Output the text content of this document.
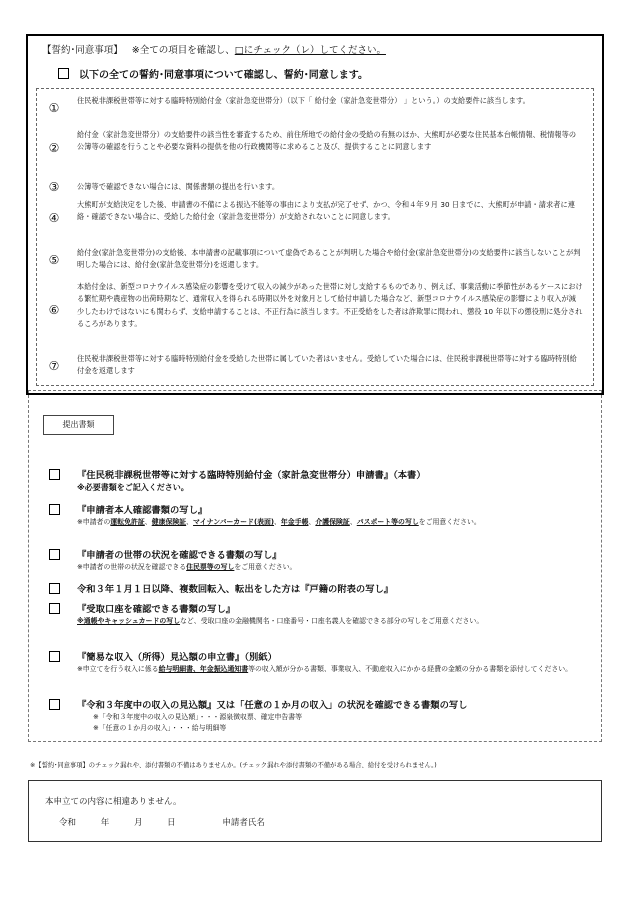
【誓約･同意事項】 ※全ての項目を確認し、□にチェック（レ）してください。
以下の全ての誓約･同意事項について確認し、誓約･同意します。
①
住民税非課税世帯等に対する臨時特別給付金（家計急変世帯分）（以下「 給付金（家計急変世帯分） 」という。）の支給要件に該当します。
②
給付金（家計急変世帯分）の支給要件の該当性を審査するため、前住所地での給付金の受給の有無のほか、大熊町が必要な住民基本台帳情報、税情報等の公簿等の確認を行うことや必要な資料の提供を他の行政機関等に求めること及び、提供することに同意します
③	公簿等で確認できない場合には、関係書類の提出を行います。
④
大熊町が支給決定をした後、申請書の不備による振込不能等の事由により支払が完了せず、かつ、令和４年９月 30 日までに、大熊町が申請・請求者に連絡・確認できない場合に、受給した給付金（家計急変世帯分）が支給されないことに同意します。
⑤
給付金(家計急変世帯分)の支給後、本申請書の記載事項について虚偽であることが判明した場合や給付金(家計急変世帯分)の支給要件に該当しないことが判明した場合には、給付金(家計急変世帯分)を返還します。
⑥
本給付金は、新型コロナウイルス感染症の影響を受けて収入の減少があった世帯に対し支給するものであり、例えば、事業活動に季節性があるケースにおける繁忙期や農産物の出荷時期など、通常収入を得られる時期以外を対象月として給付申請した場合など、新型コロナウイルス感染症の影響により収入が減少したわけではないにも関わらず、支給申請することは、不正行為に該当します。不正受給をした者は詐欺罪に問われ、懲役 10 年以下の懲役刑に処分されるころがあります。
⑦
住民税非課税世帯等に対する臨時特別給付金を受給した世帯に属していた者はいません。受給していた場合には、住民税非課税世帯等に対する臨時特別給付金を返還します
提出書類
『住民税非課税世帯等に対する臨時特別給付金（家計急変世帯分）申請書』（本書）
※必要書類をご記入ください。
『申請者本人確認書類の写し』
※申請者の運転免許証、健康保険証、マイナンバーカード(表面)、年金手帳、介護保険証、パスポート等の写しをご用意ください。
『申請者の世帯の状況を確認できる書類の写し』
※申請者の世帯の状況を確認できる住民票等の写しをご用意ください。
令和３年１月１日以降、複数回転入、転出をした方は『戸籍の附表の写し』
『受取口座を確認できる書類の写し』
※通帳やキャッシュカードの写しなど、受取口座の金融機関名・口座番号・口座名義人を確認できる部分の写しをご用意ください。
『簡易な収入（所得）見込額の申立書』（別紙）
※申立てを行う収入に係る給与明細書、年金振込通知書等の収入額が分かる書類、事業収入、不動産収入にかかる経費の金額の分かる書類を添付してください。
『令和３年度中の収入の見込額』又は「任意の１か月の収入」の状況を確認できる書類の写し
※「令和３年度中の収入の見込額」・・・源泉徴収票、確定申告書等
※「任意の１か月の収入」・・・給与明細等
※【誓約･同意事項】のチェック漏れや、添付書類の不備はありませんか。(チェック漏れや添付書類の不備がある場合、給付を受けられません。)
本申立ての内容に相違ありません。
令和	年	月	日	申請者氏名
